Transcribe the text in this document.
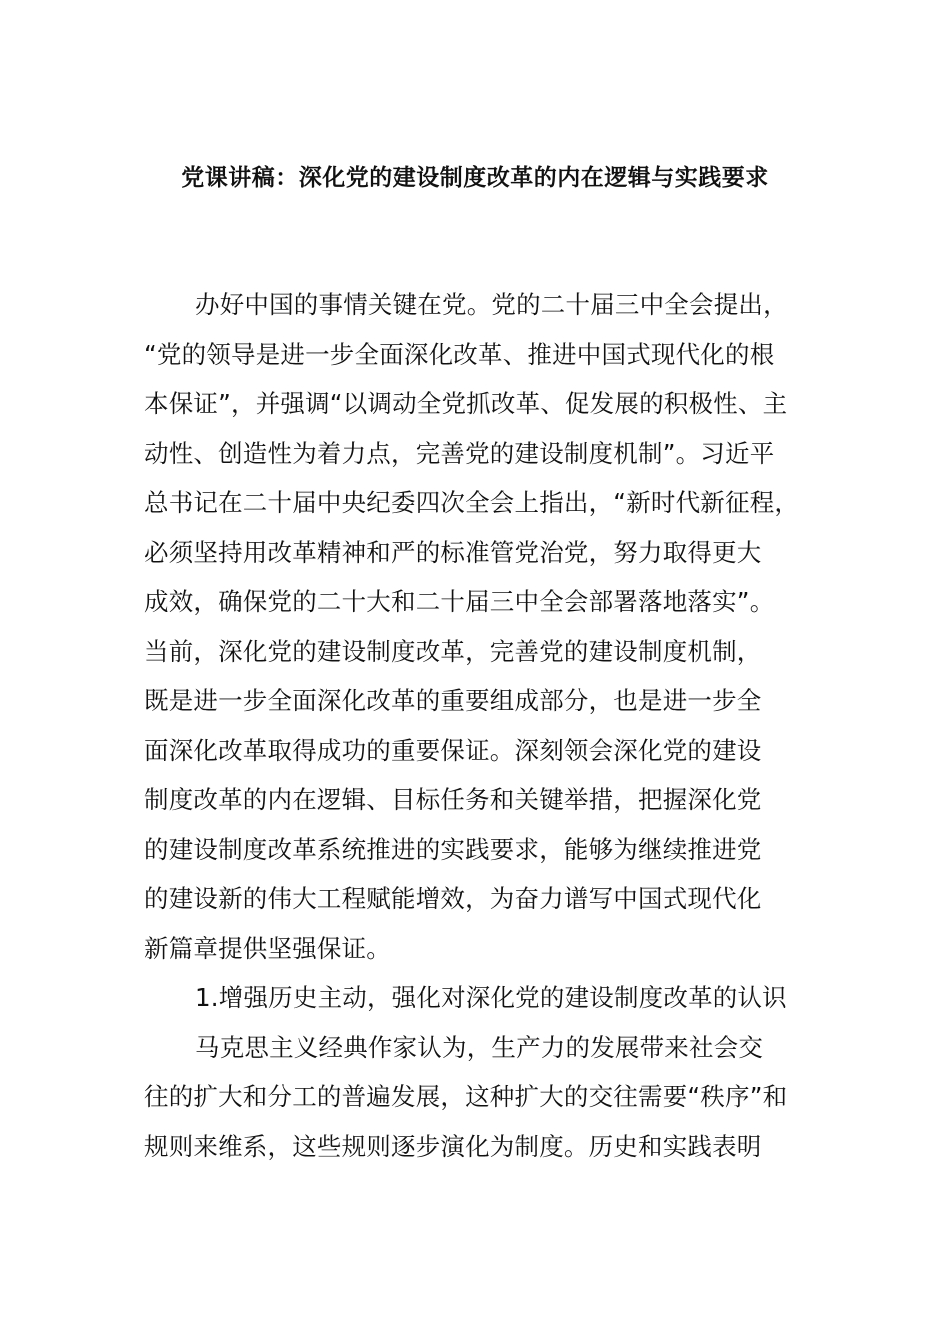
党课讲稿：深化党的建设制度改革的内在逻辑与实践要求
办好中国的事情关键在党。党的二十届三中全会提出，
“党的领导是进一步全面深化改革、推进中国式现代化的根
本保证”，并强调“以调动全党抓改革、促发展的积极性、主
动性、创造性为着力点，完善党的建设制度机制”。习近平
总书记在二十届中央纪委四次全会上指出，“新时代新征程，
必须坚持用改革精神和严的标准管党治党，努力取得更大
成效，确保党的二十大和二十届三中全会部署落地落实”。
当前，深化党的建设制度改革，完善党的建设制度机制，
既是进一步全面深化改革的重要组成部分，也是进一步全
面深化改革取得成功的重要保证。深刻领会深化党的建设
制度改革的内在逻辑、目标任务和关键举措，把握深化党
的建设制度改革系统推进的实践要求，能够为继续推进党
的建设新的伟大工程赋能增效，为奋力谱写中国式现代化
新篇章提供坚强保证。
1.增强历史主动，强化对深化党的建设制度改革的认识
马克思主义经典作家认为，生产力的发展带来社会交
往的扩大和分工的普遍发展，这种扩大的交往需要“秩序”和
规则来维系，这些规则逐步演化为制度。历史和实践表明
